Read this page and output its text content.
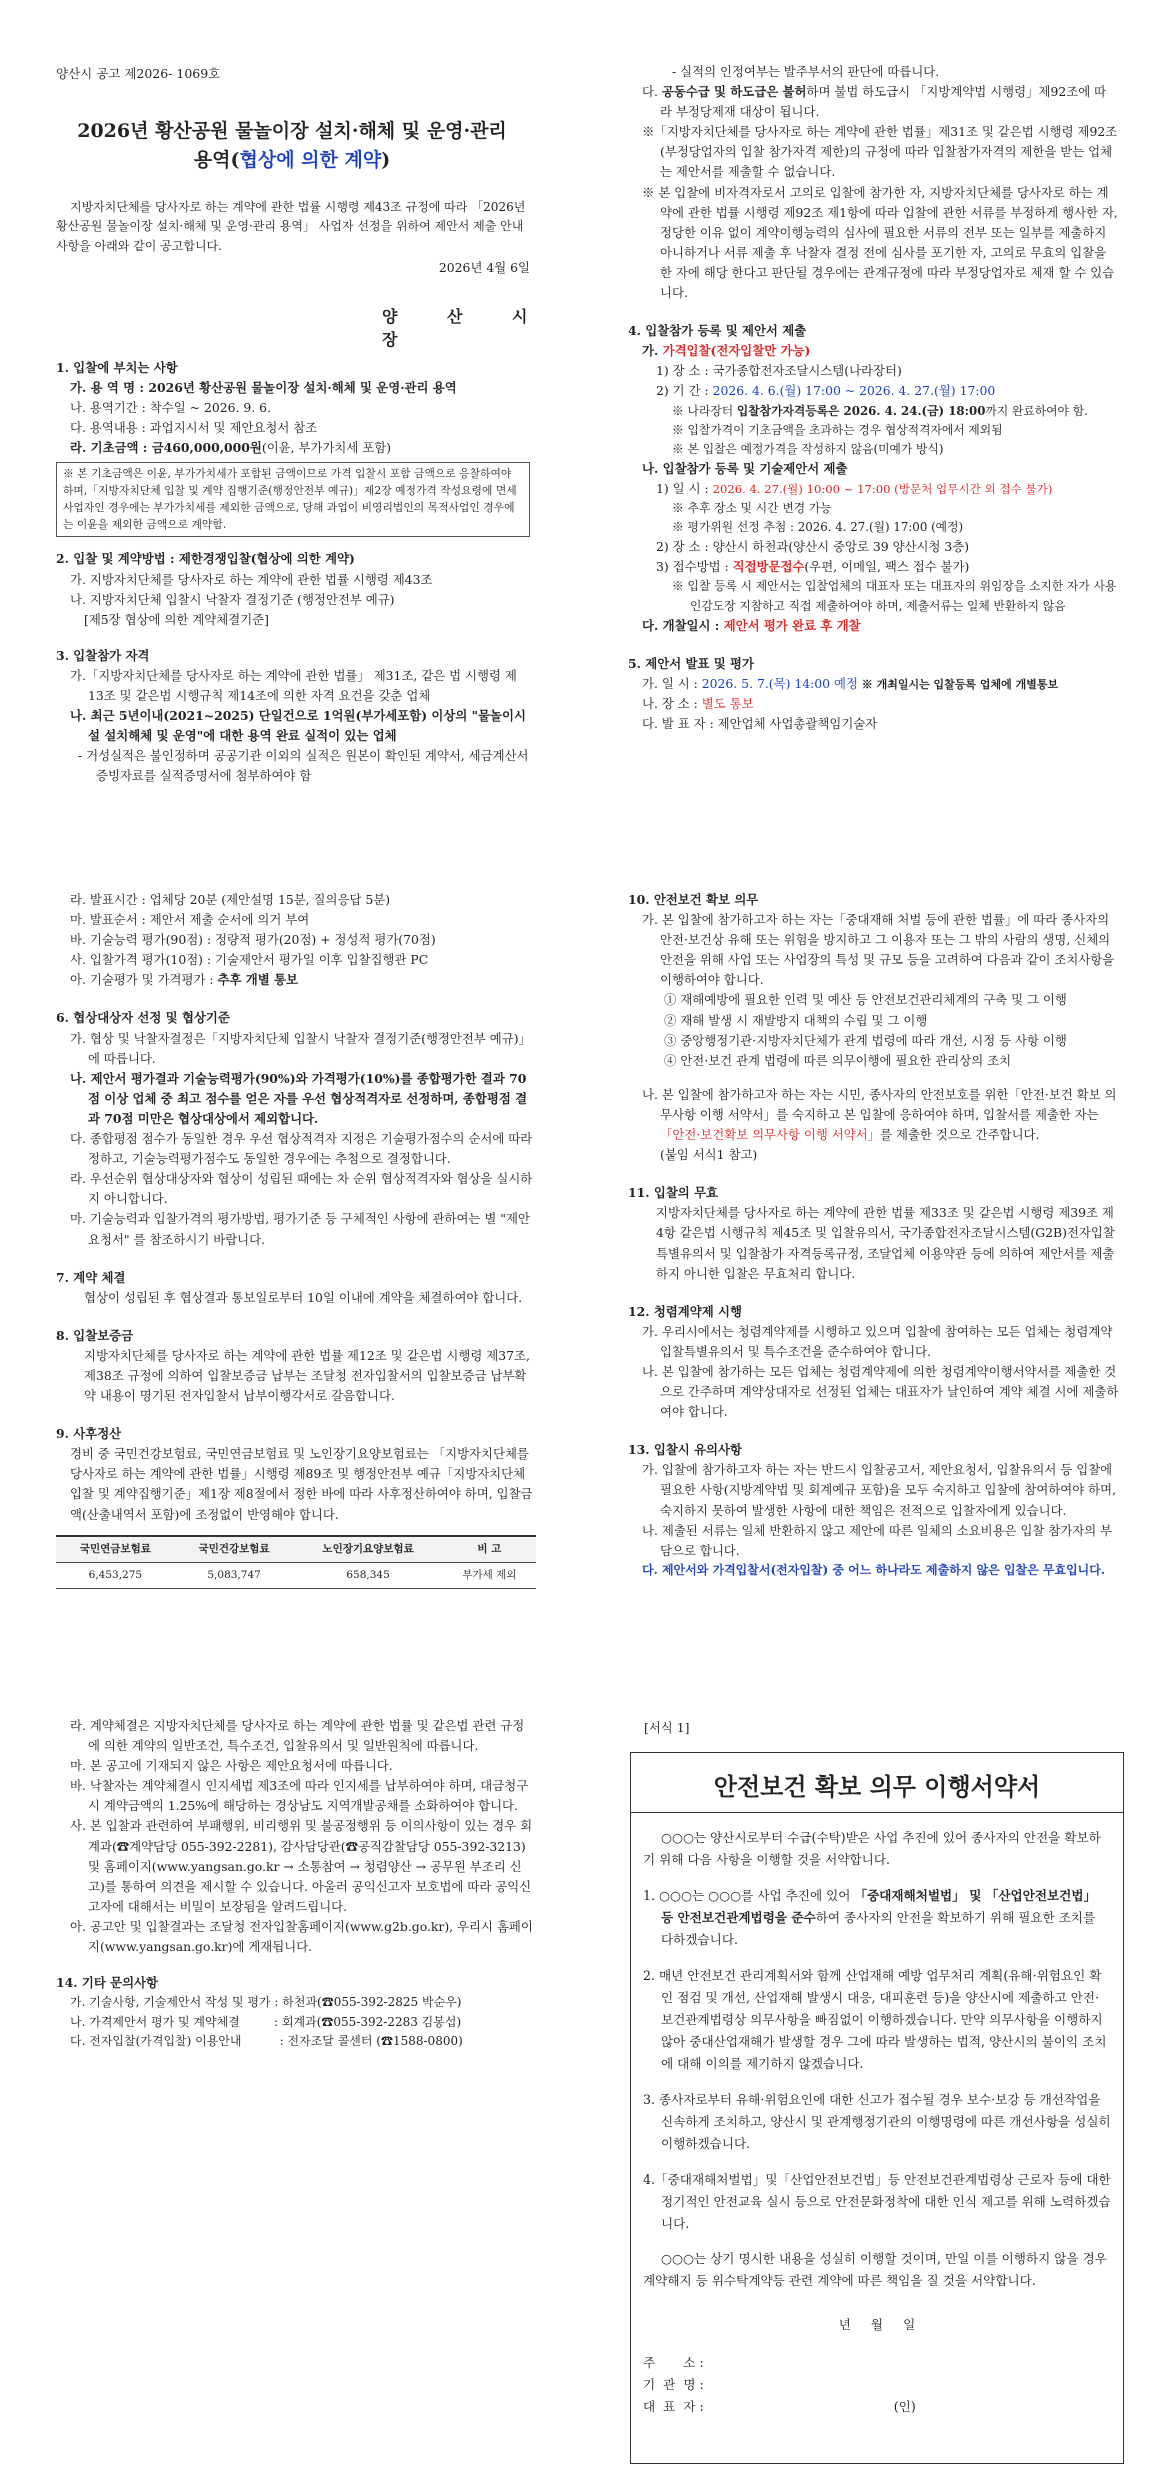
양산시 공고 제2026- 1069호
2026년 황산공원 물놀이장 설치·해체 및 운영·관리
용역(협상에 의한 계약)

지방자치단체를 당사자로 하는 계약에 관한 법률 시행령 제43조 규정에 따라 「2026년 황산공원 물놀이장 설치·해체 및 운영·관리 용역」 사업자 선정을 위하여 제안서 제출 안내사항을 아래와 같이 공고합니다.

2026년 4월 6일

양 산 시 장

1. 입찰에 부치는 사항

가. 용 역 명 : 2026년 황산공원 물놀이장 설치·해체 및 운영·관리 용역

나. 용역기간 : 착수일 ~ 2026. 9. 6.

다. 용역내용 : 과업지시서 및 제안요청서 참조

라. 기초금액 : 금460,000,000원(이윤, 부가가치세 포함)

※ 본 기초금액은 이윤, 부가가치세가 포함된 금액이므로 가격 입찰시 포함 금액으로 응찰하여야 하며,「지방자치단체 입찰 및 계약 집행기준(행정안전부 예규)」제2장 예정가격 작성요령에 면세사업자인 경우에는 부가가치세를 제외한 금액으로, 당해 과업이 비영리법인의 목적사업인 경우에는 이윤을 제외한 금액으로 계약함.

2. 입찰 및 계약방법 : 제한경쟁입찰(협상에 의한 계약)

가. 지방자치단체를 당사자로 하는 계약에 관한 법률 시행령 제43조

나. 지방자치단체 입찰시 낙찰자 결정기준 (행정안전부 예규)

[제5장 협상에 의한 계약체결기준]

3. 입찰참가 자격

가.「지방자치단체를 당사자로 하는 계약에 관한 법률」 제31조, 같은 법 시행령 제13조 및 같은법 시행규칙 제14조에 의한 자격 요건을 갖춘 업체

나. 최근 5년이내(2021~2025) 단일건으로 1억원(부가세포함) 이상의 "물놀이시설 설치해체 및 운영"에 대한 용역 완료 실적이 있는 업체

- 거성실적은 불인정하며 공공기관 이외의 실적은 원본이 확인된 계약서, 세금계산서 증빙자료를 실적증명서에 첨부하여야 함

- 실적의 인정여부는 발주부서의 판단에 따릅니다.

다. 공동수급 및 하도급은 불허하며 불법 하도급시 「지방계약법 시행령」제92조에 따라 부정당제재 대상이 됩니다.

※「지방자치단체를 당사자로 하는 계약에 관한 법률」제31조 및 같은법 시행령 제92조(부정당업자의 입찰 참가자격 제한)의 규정에 따라 입찰참가자격의 제한을 받는 업체는 제안서를 제출할 수 없습니다.

※ 본 입찰에 비자격자로서 고의로 입찰에 참가한 자, 지방자치단체를 당사자로 하는 계약에 관한 법률 시행령 제92조 제1항에 따라 입찰에 관한 서류를 부정하게 행사한 자, 정당한 이유 없이 계약이행능력의 심사에 필요한 서류의 전부 또는 일부를 제출하지 아니하거나 서류 제출 후 낙찰자 결정 전에 심사를 포기한 자, 고의로 무효의 입찰을 한 자에 해당 한다고 판단될 경우에는 관계규정에 따라 부정당업자로 제재 할 수 있습니다.

4. 입찰참가 등록 및 제안서 제출

가. 가격입찰(전자입찰만 가능)

1) 장 소 : 국가종합전자조달시스템(나라장터)

2) 기 간 : 2026. 4. 6.(월) 17:00 ~ 2026. 4. 27.(월) 17:00

※ 나라장터 입찰참가자격등록은 2026. 4. 24.(금) 18:00까지 완료하여야 함.

※ 입찰가격이 기초금액을 초과하는 경우 협상적격자에서 제외됨

※ 본 입찰은 예정가격을 작성하지 않음(미예가 방식)

나. 입찰참가 등록 및 기술제안서 제출

1) 일 시 : 2026. 4. 27.(월) 10:00 ~ 17:00 (방문처 업무시간 외 접수 불가)

※ 추후 장소 및 시간 변경 가능

※ 평가위원 선정 추첨 : 2026. 4. 27.(월) 17:00 (예정)

2) 장 소 : 양산시 하천과(양산시 중앙로 39 양산시청 3층)

3) 접수방법 : 직접방문접수(우편, 이메일, 팩스 접수 불가)

※ 입찰 등록 시 제안서는 입찰업체의 대표자 또는 대표자의 위임장을 소지한 자가 사용인감도장 지참하고 직접 제출하여야 하며, 제출서류는 일체 반환하지 않음

다. 개찰일시 : 제안서 평가 완료 후 개찰

5. 제안서 발표 및 평가

가. 일 시 : 2026. 5. 7.(목) 14:00 예정 ※ 개최일시는 입찰등록 업체에 개별통보

나. 장 소 : 별도 통보

다. 발 표 자 : 제안업체 사업총괄책임기술자

라. 발표시간 : 업체당 20분 (제안설명 15분, 질의응답 5분)

마. 발표순서 : 제안서 제출 순서에 의거 부여

바. 기술능력 평가(90점) : 정량적 평가(20점) + 정성적 평가(70점)

사. 입찰가격 평가(10점) : 기술제안서 평가일 이후 입찰집행관 PC

아. 기술평가 및 가격평가 : 추후 개별 통보

6. 협상대상자 선정 및 협상기준

가. 협상 및 낙찰자결정은「지방자치단체 입찰시 낙찰자 결정기준(행정안전부 예규)」에 따릅니다.

나. 제안서 평가결과 기술능력평가(90%)와 가격평가(10%)를 종합평가한 결과 70점 이상 업체 중 최고 점수를 얻은 자를 우선 협상적격자로 선정하며, 종합평점 결과 70점 미만은 협상대상에서 제외합니다.

다. 종합평점 점수가 동일한 경우 우선 협상적격자 지정은 기술평가점수의 순서에 따라 정하고, 기술능력평가점수도 동일한 경우에는 추첨으로 결정합니다.

라. 우선순위 협상대상자와 협상이 성립된 때에는 차 순위 협상적격자와 협상을 실시하지 아니합니다.

마. 기술능력과 입찰가격의 평가방법, 평가기준 등 구체적인 사항에 관하여는 별 "제안요청서" 를 참조하시기 바랍니다.

7. 계약 체결

협상이 성립된 후 협상결과 통보일로부터 10일 이내에 계약을 체결하여야 합니다.

8. 입찰보증금

지방자치단체를 당사자로 하는 계약에 관한 법률 제12조 및 같은법 시행령 제37조, 제38조 규정에 의하여 입찰보증금 납부는 조달청 전자입찰서의 입찰보증금 납부확약 내용이 명기된 전자입찰서 납부이행각서로 갈음합니다.

9. 사후정산

경비 중 국민건강보험료, 국민연금보험료 및 노인장기요양보험료는 「지방자치단체를 당사자로 하는 계약에 관한 법률」시행령 제89조 및 행정안전부 예규「지방자치단체 입찰 및 계약집행기준」제1장 제8절에서 정한 바에 따라 사후정산하여야 하며, 입찰금액(산출내역서 포함)에 조정없이 반영해야 합니다.

국민연금보험료	국민건강보험료	노인장기요양보험료	비 고
6,453,275	5,083,747	658,345	부가세 제외

10. 안전보건 확보 의무

가. 본 입찰에 참가하고자 하는 자는「중대재해 처벌 등에 관한 법률」에 따라 종사자의 안전·보건상 유해 또는 위험을 방지하고 그 이용자 또는 그 밖의 사람의 생명, 신체의 안전을 위해 사업 또는 사업장의 특성 및 규모 등을 고려하여 다음과 같이 조치사항을 이행하여야 합니다.

① 재해예방에 필요한 인력 및 예산 등 안전보건관리체계의 구축 및 그 이행

② 재해 발생 시 재발방지 대책의 수립 및 그 이행

③ 중앙행정기관·지방자치단체가 관계 법령에 따라 개선, 시정 등 사항 이행

④ 안전·보건 관계 법령에 따른 의무이행에 필요한 관리상의 조치

나. 본 입찰에 참가하고자 하는 자는 시민, 종사자의 안전보호를 위한「안전·보건 확보 의무사항 이행 서약서」를 숙지하고 본 입찰에 응하여야 하며, 입찰서를 제출한 자는 「안전·보건확보 의무사항 이행 서약서」를 제출한 것으로 간주합니다.

(붙임 서식1 참고)

11. 입찰의 무효

지방자치단체를 당사자로 하는 계약에 관한 법률 제33조 및 같은법 시행령 제39조 제4항 같은법 시행규칙 제45조 및 입찰유의서, 국가종합전자조달시스템(G2B)전자입찰특별유의서 및 입찰참가 자격등록규정, 조달업체 이용약관 등에 의하여 제안서를 제출하지 아니한 입찰은 무효처리 합니다.

12. 청렴계약제 시행

가. 우리시에서는 청렴계약제를 시행하고 있으며 입찰에 참여하는 모든 업체는 청렴계약 입찰특별유의서 및 특수조건을 준수하여야 합니다.

나. 본 입찰에 참가하는 모든 업체는 청렴계약제에 의한 청렴계약이행서약서를 제출한 것으로 간주하며 계약상대자로 선정된 업체는 대표자가 날인하여 계약 체결 시에 제출하여야 합니다.

13. 입찰시 유의사항

가. 입찰에 참가하고자 하는 자는 반드시 입찰공고서, 제안요청서, 입찰유의서 등 입찰에 필요한 사항(지방계약법 및 회계예규 포함)을 모두 숙지하고 입찰에 참여하여야 하며, 숙지하지 못하여 발생한 사항에 대한 책임은 전적으로 입찰자에게 있습니다.

나. 제출된 서류는 일체 반환하지 않고 제안에 따른 일체의 소요비용은 입찰 참가자의 부담으로 합니다.

다. 제안서와 가격입찰서(전자입찰) 중 어느 하나라도 제출하지 않은 입찰은 무효입니다.

라. 계약체결은 지방자치단체를 당사자로 하는 계약에 관한 법률 및 같은법 관련 규정에 의한 계약의 일반조건, 특수조건, 입찰유의서 및 일반원칙에 따릅니다.

마. 본 공고에 기재되지 않은 사항은 제안요청서에 따릅니다.

바. 낙찰자는 계약체결시 인지세법 제3조에 따라 인지세를 납부하여야 하며, 대금청구시 계약금액의 1.25%에 해당하는 경상남도 지역개발공채를 소화하여야 합니다.

사. 본 입찰과 관련하여 부패행위, 비리행위 및 불공정행위 등 이의사항이 있는 경우 회계과(☎계약담당 055-392-2281), 감사담당관(☎공직감찰담당 055-392-3213) 및 홈페이지(www.yangsan.go.kr → 소통참여 → 청렴양산 → 공무원 부조리 신고)를 통하여 의견을 제시할 수 있습니다. 아울러 공익신고자 보호법에 따라 공익신고자에 대해서는 비밀이 보장됨을 알려드립니다.

아. 공고안 및 입찰결과는 조달청 전자입찰홈페이지(www.g2b.go.kr), 우리시 홈페이지(www.yangsan.go.kr)에 게재됩니다.

14. 기타 문의사항

가. 기술사항, 기술제안서 작성 및 평가 : 하천과(☎055-392-2825 박순우)

나. 가격제안서 평가 및 계약체결         : 회계과(☎055-392-2283 김봉섭)

다. 전자입찰(가격입찰) 이용안내          : 전자조달 콜센터 (☎1588-0800)

[서식 1]
안전보건 확보 의무 이행서약서

○○○는 양산시로부터 수급(수탁)받은 사업 추진에 있어 종사자의 안전을 확보하기 위해 다음 사항을 이행할 것을 서약합니다.

1. ○○○는 ○○○를 사업 추진에 있어 「중대재해처벌법」 및 「산업안전보건법」 등 안전보건관계법령을 준수하여 종사자의 안전을 확보하기 위해 필요한 조치를 다하겠습니다.

2. 매년 안전보건 관리계획서와 함께 산업재해 예방 업무처리 계획(유해·위험요인 확인 점검 및 개선, 산업재해 발생시 대응, 대피훈련 등)을 양산시에 제출하고 안전·보건관계법령상 의무사항을 빠짐없이 이행하겠습니다. 만약 의무사항을 이행하지 않아 중대산업재해가 발생할 경우 그에 따라 발생하는 법적, 양산시의 불이익 조치에 대해 이의를 제기하지 않겠습니다.

3. 종사자로부터 유해·위험요인에 대한 신고가 접수될 경우 보수·보강 등 개선작업을 신속하게 조치하고, 양산시 및 관계행정기관의 이행명령에 따른 개선사항을 성실히 이행하겠습니다.

4.「중대재해처벌법」및「산업안전보건법」등 안전보건관계법령상 근로자 등에 대한 정기적인 안전교육 실시 등으로 안전문화정착에 대한 인식 제고를 위해 노력하겠습니다.

○○○는 상기 명시한 내용을 성실히 이행할 것이며, 만일 이를 이행하지 않을 경우 계약해지 등 위수탁계약등 관련 계약에 따른 책임을 질 것을 서약합니다.

년     월     일

주       소 :

기  관  명 :

대  표  자 :	(인)
